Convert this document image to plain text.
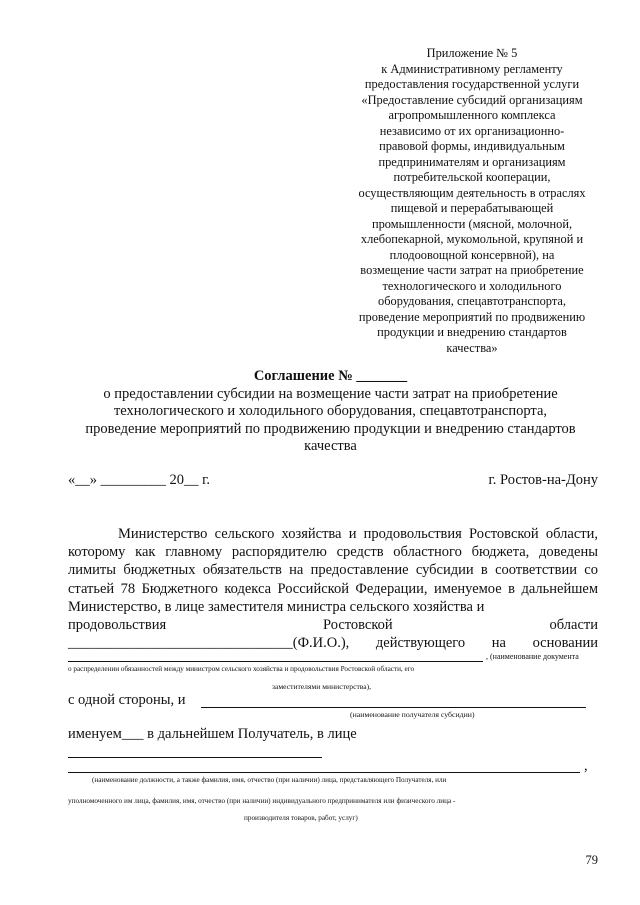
Приложение № 5
к Административному регламенту
предоставления государственной услуги
«Предоставление субсидий организациям
агропромышленного комплекса
независимо от их организационно-
правовой формы, индивидуальным
предпринимателям и организациям
потребительской кооперации,
осуществляющим деятельность в отраслях
пищевой и перерабатывающей
промышленности (мясной, молочной,
хлебопекарной, мукомольной, крупяной и
плодоовощной консервной), на
возмещение части затрат на приобретение
технологического и холодильного
оборудования, спецавтотранспорта,
проведение мероприятий по продвижению
продукции и внедрению стандартов
качества»
Соглашение № _______
о предоставлении субсидии на возмещение части затрат на приобретение
технологического и холодильного оборудования, спецавтотранспорта,
проведение мероприятий по продвижению продукции и внедрению стандартов
качества
«__» _________ 20__ г.	г. Ростов-на-Дону
Министерство сельского хозяйства и продовольствия Ростовской области, которому как главному распорядителю средств областного бюджета, доведены лимиты бюджетных обязательств на предоставление субсидии в соответствии со статьей 78 Бюджетного кодекса Российской Федерации, именуемое в дальнейшем Министерство, в лице заместителя министра сельского хозяйства и
продовольствия	Ростовской	области
_______________________________(Ф.И.О.), действующего на основании
, (наименование документа
о распределении обязанностей между министром сельского хозяйства и продовольствия Ростовской области, его
заместителями министерства),
с одной стороны, и
(наименование получателя субсидии)
именуем___ в дальнейшем Получатель, в лице
,
(наименование должности, а также фамилия, имя, отчество (при наличии) лица, представляющего Получателя, или
уполномоченного им лица, фамилия, имя, отчество (при наличии) индивидуального предпринимателя или физического лица -
производителя товаров, работ, услуг)
79
